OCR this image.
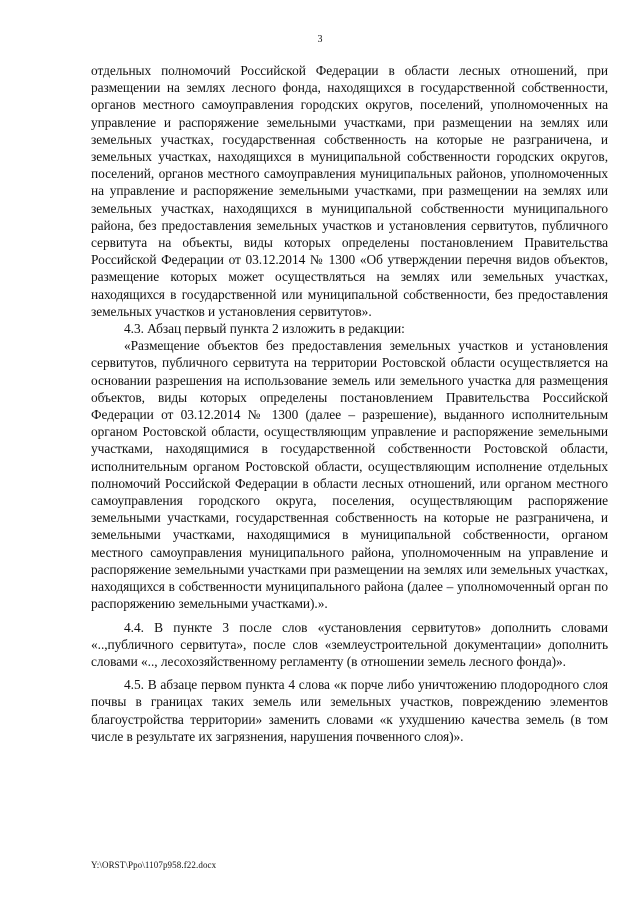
3

отдельных полномочий Российской Федерации в области лесных отношений, при размещении на землях лесного фонда, находящихся в государственной собственности, органов местного самоуправления городских округов, поселений, уполномоченных на управление и распоряжение земельными участками, при размещении на землях или земельных участках, государственная собственность на которые не разграничена, и земельных участках, находящихся в муниципальной собственности городских округов, поселений, органов местного самоуправления муниципальных районов, уполномоченных на управление и распоряжение земельными участками, при размещении на землях или земельных участках, находящихся в муниципальной собственности муниципального района, без предоставления земельных участков и установления сервитутов, публичного сервитута на объекты, виды которых определены постановлением Правительства Российской Федерации от 03.12.2014 № 1300 «Об утверждении перечня видов объектов, размещение которых может осуществляться на землях или земельных участках, находящихся в государственной или муниципальной собственности, без предоставления земельных участков и установления сервитутов».

4.3. Абзац первый пункта 2 изложить в редакции:

«Размещение объектов без предоставления земельных участков и установления сервитутов, публичного сервитута на территории Ростовской области осуществляется на основании разрешения на использование земель или земельного участка для размещения объектов, виды которых определены постановлением Правительства Российской Федерации от 03.12.2014 № 1300 (далее – разрешение), выданного исполнительным органом Ростовской области, осуществляющим управление и распоряжение земельными участками, находящимися в государственной собственности Ростовской области, исполнительным органом Ростовской области, осуществляющим исполнение отдельных полномочий Российской Федерации в области лесных отношений, или органом местного самоуправления городского округа, поселения, осуществляющим распоряжение земельными участками, государственная собственность на которые не разграничена, и земельными участками, находящимися в муниципальной собственности, органом местного самоуправления муниципального района, уполномоченным на управление и распоряжение земельными участками при размещении на землях или земельных участках, находящихся в собственности муниципального района (далее – уполномоченный орган по распоряжению земельными участками).».

4.4. В пункте 3 после слов «установления сервитутов» дополнить словами «..,публичного сервитута», после слов «землеустроительной документации» дополнить словами «.., лесохозяйственному регламенту (в отношении земель лесного фонда)».

4.5. В абзаце первом пункта 4 слова «к порче либо уничтожению плодородного слоя почвы в границах таких земель или земельных участков, повреждению элементов благоустройства территории» заменить словами «к ухудшению качества земель (в том числе в результате их загрязнения, нарушения почвенного слоя)».

Y:\ORST\Ppo\1107p958.f22.docx
